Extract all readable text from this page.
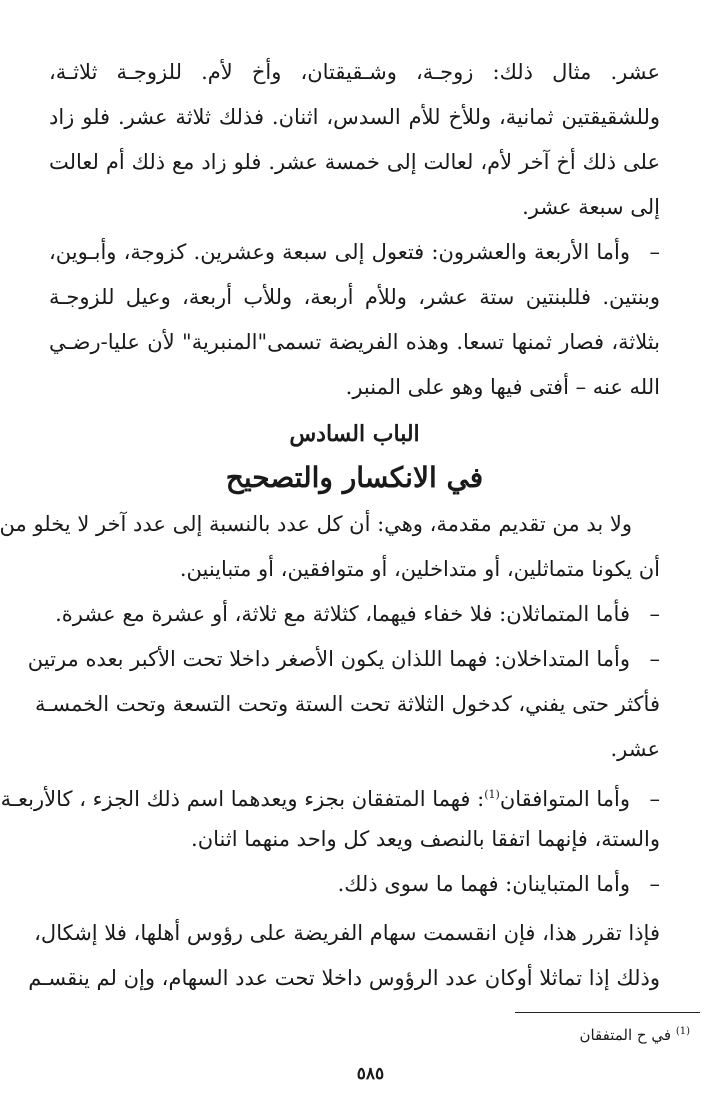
عشر. مثال ذلك: زوجـة، وشـقيقتان، وأخ لأم. للزوجـة ثلاثـة،
وللشقيقتين ثمانية، وللأخ للأم السدس، اثنان. فذلك ثلاثة عشر. فلو زاد
على ذلك أخ آخر لأم، لعالت إلى خمسة عشر. فلو زاد مع ذلك أم لعالت
إلى سبعة عشر.
–
وأما الأربعة والعشرون: فتعول إلى سبعة وعشرين. كزوجة، وأبـوين،
وبنتين. فللبنتين ستة عشر، وللأم أربعة، وللأب أربعة، وعيل للزوجـة
بثلاثة، فصار ثمنها تسعا. وهذه الفريضة تسمى"المنبرية" لأن عليا-رضـي
الله عنه – أفتى فيها وهو على المنبر.
الباب السادس
في الانكسار والتصحيح
ولا بد من تقديم مقدمة، وهي: أن كل عدد بالنسبة إلى عدد آخر لا يخلو من
أن يكونا متماثلين، أو متداخلين، أو متوافقين، أو متباينين.
–
فأما المتماثلان: فلا خفاء فيهما، كثلاثة مع ثلاثة، أو عشرة مع عشرة.
–
وأما المتداخلان: فهما اللذان يكون الأصغر داخلا تحت الأكبر بعده مرتين
فأكثر حتى يفني، كدخول الثلاثة تحت الستة وتحت التسعة وتحت الخمسـة
عشر.
–
وأما المتوافقان$^{(1)}$: فهما المتفقان بجزء ويعدهما اسم ذلك الجزء ، كالأربعـة
والستة، فإنهما اتفقا بالنصف ويعد كل واحد منهما اثنان.
–
وأما المتباينان: فهما ما سوى ذلك.
فإذا تقرر هذا، فإن انقسمت سهام الفريضة على رؤوس أهلها، فلا إشكال،
وذلك إذا تماثلا أوكان عدد الرؤوس داخلا تحت عدد السهام، وإن لم ينقسـم
$^{(1)}$ في ح المتفقان
٥٨٥
